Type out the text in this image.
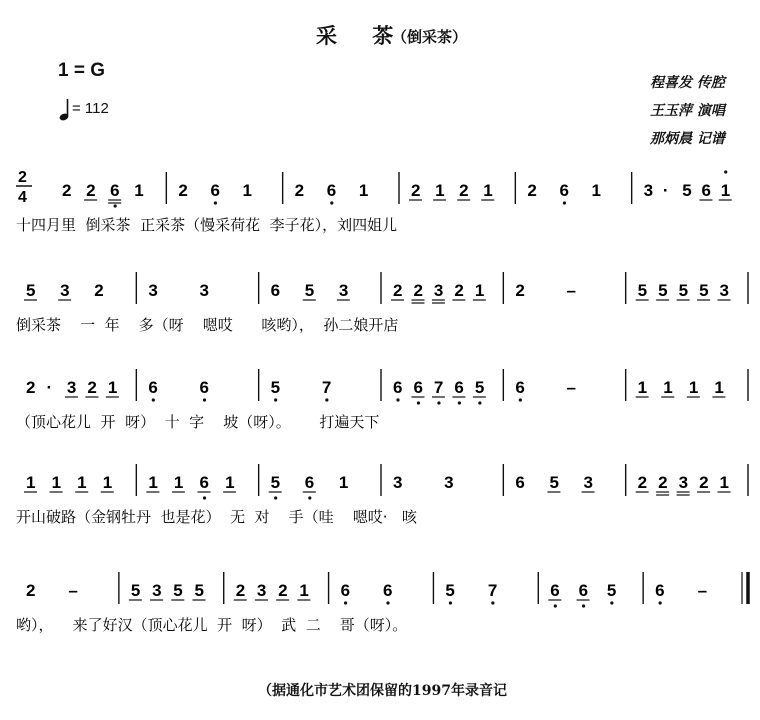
采 茶
（倒采茶）
1 = G
= 112
程喜发 传腔
王玉萍 演唱
那炳晨 记谱
2
4 2 2 6 1 2 6 1	2 6 1	2 1 2 1 2 6 1	3 · 5 6 1
十四月里  倒采茶  正采茶（慢采荷花  李子花），刘四姐儿
5 3 2	3 3	6 5 3	2 2 3 2 1 2 –	5 5 5 5 3
倒采茶    一  年    多（呀    嗯哎      咳哟），  孙二娘开店
2 · 3 2 1 6 6	5 7	6 6 7 6 5 6 –	1 1 1 1
（顶心花儿  开  呀）  十  字    坡（呀）。      打遍天下
1 1 1 1 1 1 6 1 5 6 1	3 3	6 5 3	2 2 3 2 1
开山破路（金钢牡丹  也是花）  无  对    手（哇    嗯哎·   咳
2 –	5 3 5 5 2 3 2 1 6 6	5 7	6 6 5 6 –
哟），    来了好汉（顶心花儿  开  呀）  武  二    哥（呀）。
（据通化市艺术团保留的1997年录音记
